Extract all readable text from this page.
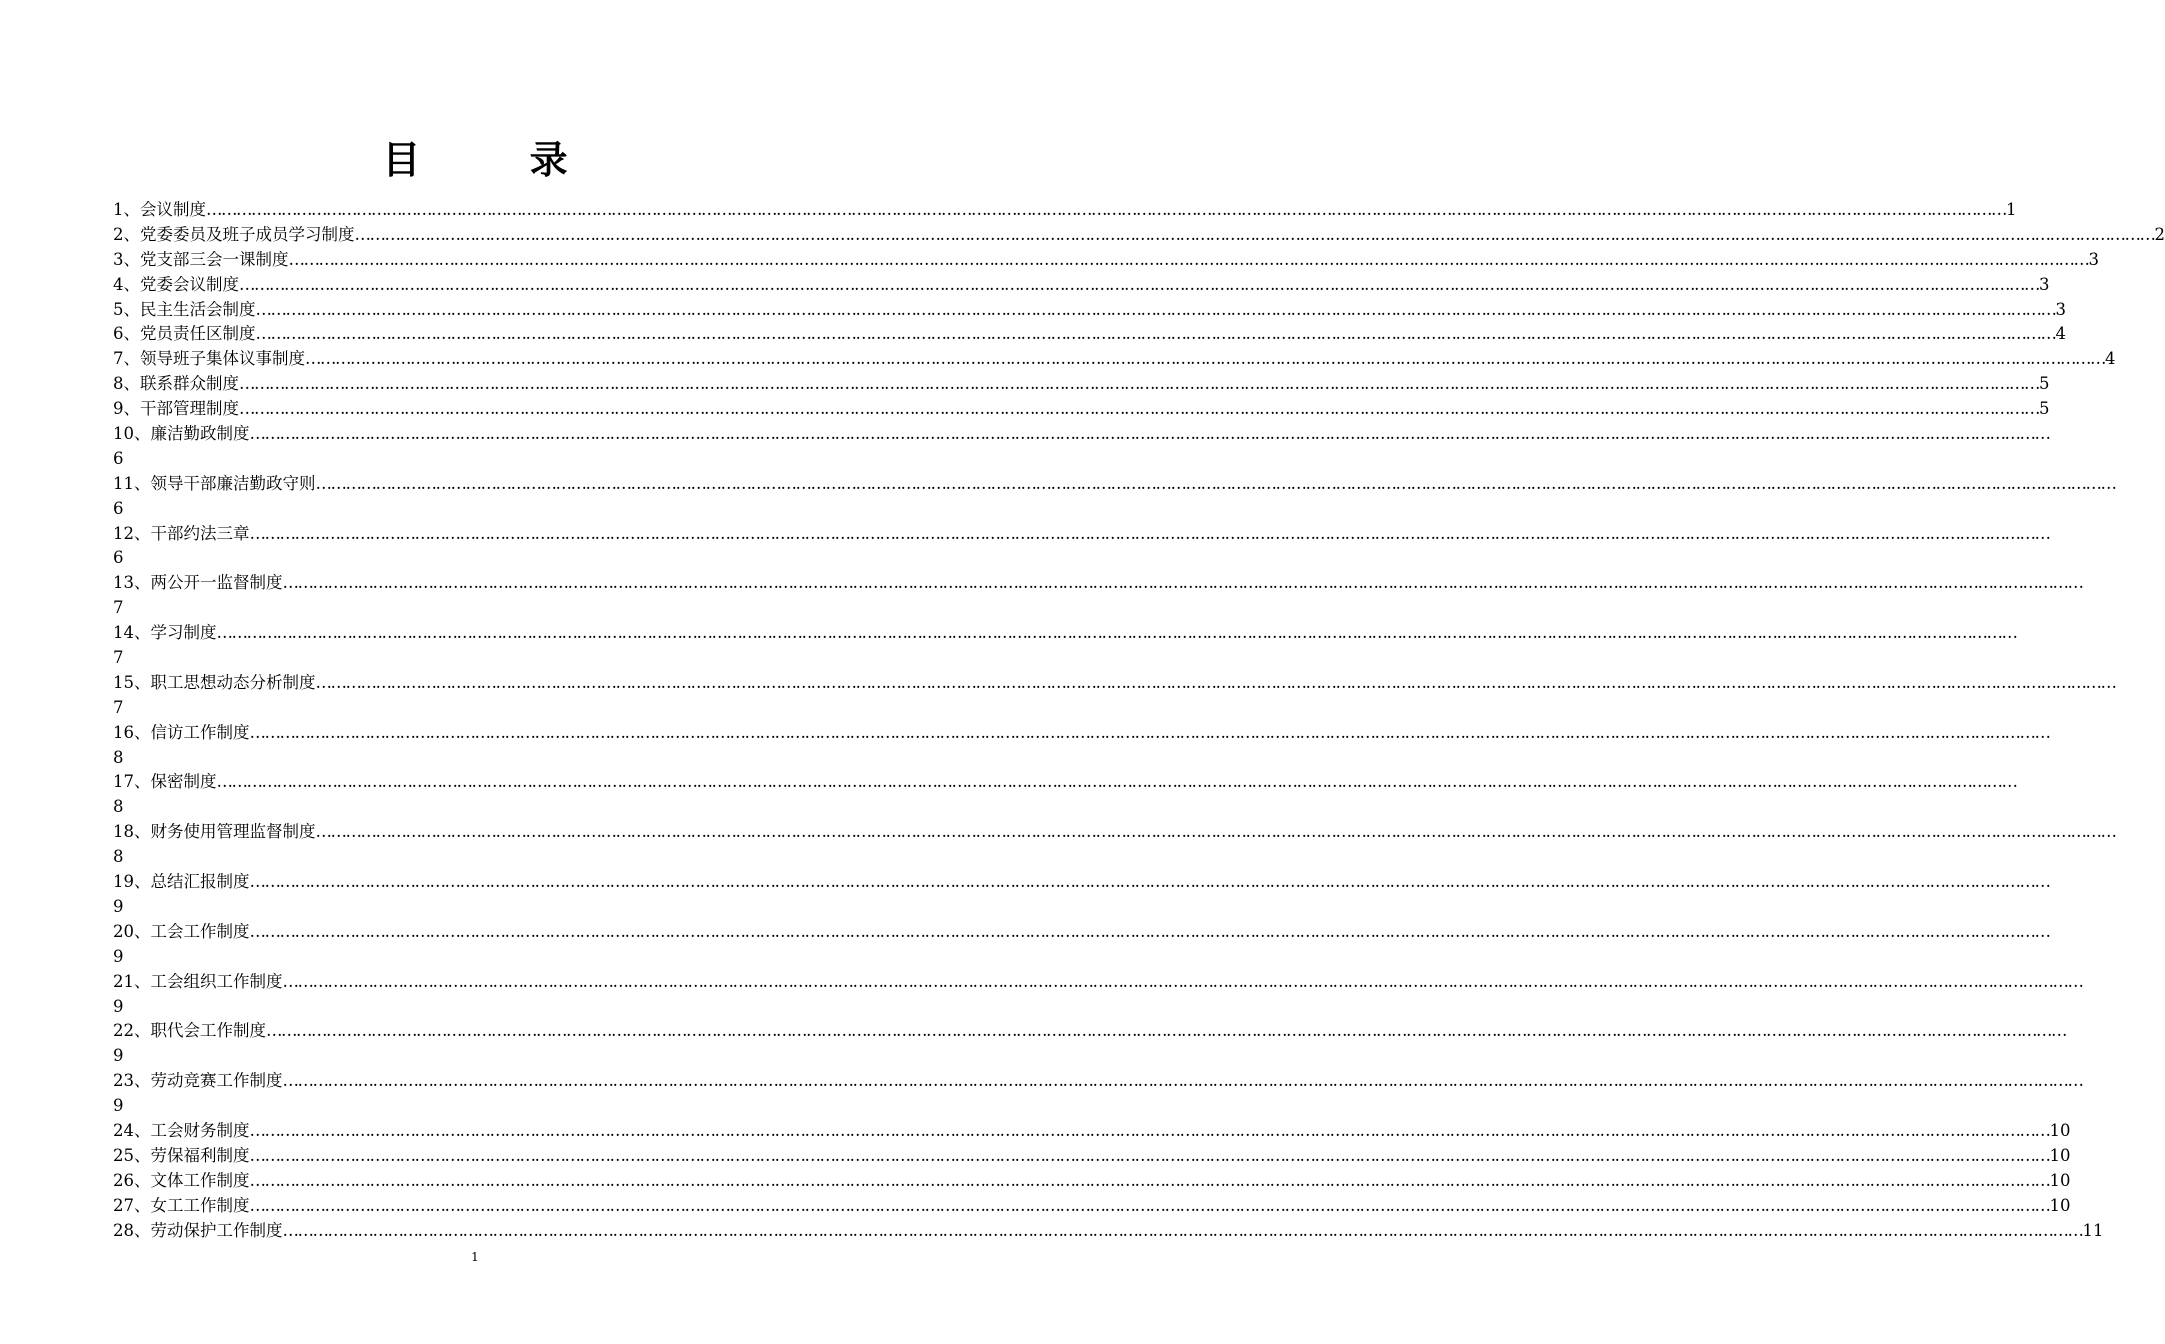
目 录
1、会议制度 ……………………………………………………………………………………………………………………………………………………………………………………………………………………………………………………………………………………………………………………………… 1
2、党委委员及班子成员学习制度 ……………………………………………………………………………………………………………………………………………………………………………………………………………………………………………………………………………………………………………………………… 2
3、党支部三会一课制度 ……………………………………………………………………………………………………………………………………………………………………………………………………………………………………………………………………………………………………………………………… 3
4、党委会议制度 ……………………………………………………………………………………………………………………………………………………………………………………………………………………………………………………………………………………………………………………………… 3
5、民主生活会制度 ……………………………………………………………………………………………………………………………………………………………………………………………………………………………………………………………………………………………………………………………… 3
6、党员责任区制度 ……………………………………………………………………………………………………………………………………………………………………………………………………………………………………………………………………………………………………………………………… 4
7、领导班子集体议事制度 ……………………………………………………………………………………………………………………………………………………………………………………………………………………………………………………………………………………………………………………………… 4
8、联系群众制度 ……………………………………………………………………………………………………………………………………………………………………………………………………………………………………………………………………………………………………………………………… 5
9、干部管理制度 ……………………………………………………………………………………………………………………………………………………………………………………………………………………………………………………………………………………………………………………………… 5
10、廉洁勤政制度 ………………………………………………………………………………………………………………………………………………………………………………………………………………………………………………………………………………………………………………………………
6
11、领导干部廉洁勤政守则 ………………………………………………………………………………………………………………………………………………………………………………………………………………………………………………………………………………………………………………………………
6
12、干部约法三章 ………………………………………………………………………………………………………………………………………………………………………………………………………………………………………………………………………………………………………………………………
6
13、两公开一监督制度 ………………………………………………………………………………………………………………………………………………………………………………………………………………………………………………………………………………………………………………………………
7
14、学习制度 ………………………………………………………………………………………………………………………………………………………………………………………………………………………………………………………………………………………………………………………………
7
15、职工思想动态分析制度 ………………………………………………………………………………………………………………………………………………………………………………………………………………………………………………………………………………………………………………………………
7
16、信访工作制度 ………………………………………………………………………………………………………………………………………………………………………………………………………………………………………………………………………………………………………………………………
8
17、保密制度 ………………………………………………………………………………………………………………………………………………………………………………………………………………………………………………………………………………………………………………………………
8
18、财务使用管理监督制度 ………………………………………………………………………………………………………………………………………………………………………………………………………………………………………………………………………………………………………………………………
8
19、总结汇报制度 ………………………………………………………………………………………………………………………………………………………………………………………………………………………………………………………………………………………………………………………………
9
20、工会工作制度 ………………………………………………………………………………………………………………………………………………………………………………………………………………………………………………………………………………………………………………………………
9
21、工会组织工作制度 ………………………………………………………………………………………………………………………………………………………………………………………………………………………………………………………………………………………………………………………………
9
22、职代会工作制度 ………………………………………………………………………………………………………………………………………………………………………………………………………………………………………………………………………………………………………………………………
9
23、劳动竞赛工作制度 ………………………………………………………………………………………………………………………………………………………………………………………………………………………………………………………………………………………………………………………………
9
24、工会财务制度 ……………………………………………………………………………………………………………………………………………………………………………………………………………………………………………………………………………………………………………………………… 10
25、劳保福利制度 ……………………………………………………………………………………………………………………………………………………………………………………………………………………………………………………………………………………………………………………………… 10
26、文体工作制度 ……………………………………………………………………………………………………………………………………………………………………………………………………………………………………………………………………………………………………………………………… 10
27、女工工作制度 ……………………………………………………………………………………………………………………………………………………………………………………………………………………………………………………………………………………………………………………………… 10
28、劳动保护工作制度 ……………………………………………………………………………………………………………………………………………………………………………………………………………………………………………………………………………………………………………………………… 11
1
